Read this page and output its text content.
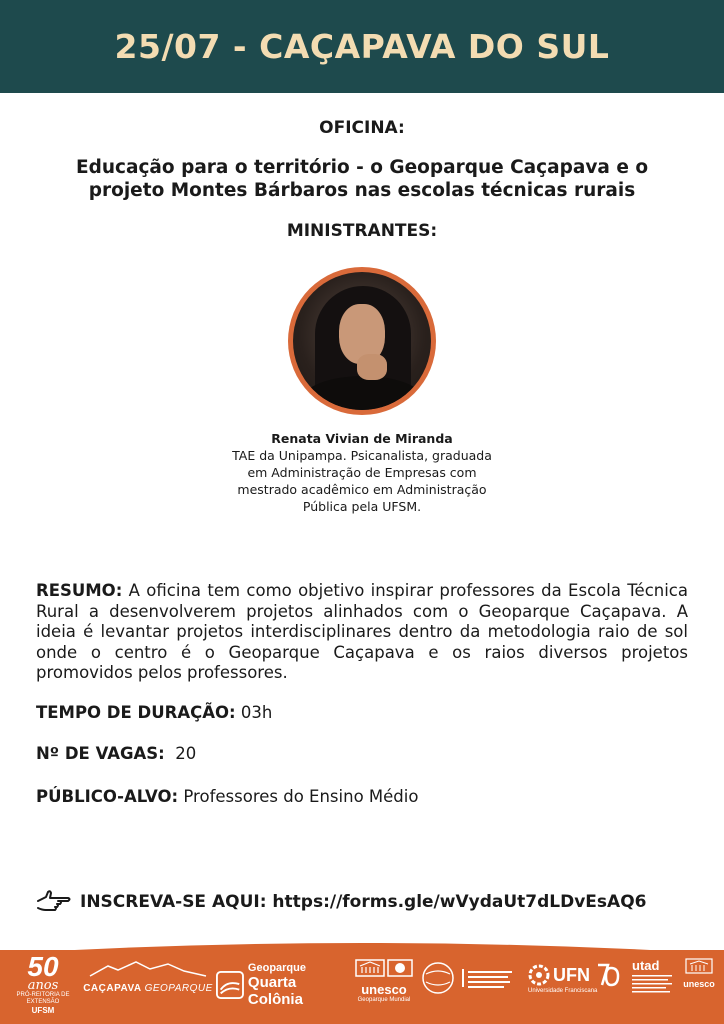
25/07 - CAÇAPAVA DO SUL
OFICINA:
Educação para o território - o Geoparque Caçapava e o
projeto Montes Bárbaros nas escolas técnicas rurais
MINISTRANTES:
Renata Vivian de Miranda
TAE da Unipampa. Psicanalista, graduada
em Administração de Empresas com
mestrado acadêmico em Administração
Pública pela UFSM.
RESUMO: A oficina tem como objetivo inspirar professores da Escola Técnica Rural a desenvolverem projetos alinhados com o Geoparque Caçapava. A ideia é levantar projetos interdisciplinares dentro da metodologia raio de sol onde o centro é o Geoparque Caçapava e os raios diversos projetos promovidos pelos professores.
TEMPO DE DURAÇÃO: 03h
Nº DE VAGAS: 20
PÚBLICO-ALVO: Professores do Ensino Médio
INSCREVA-SE AQUI: https://forms.gle/wVydaUt7dLDvEsAQ6
50
anos
PRÓ-REITORIA DE EXTENSÃO
UFSM
CAÇAPAVA GEOPARQUE
Geoparque
Quarta Colônia
unesco
Geoparque Mundial
UFN
Universidade Franciscana
utad
unesco
